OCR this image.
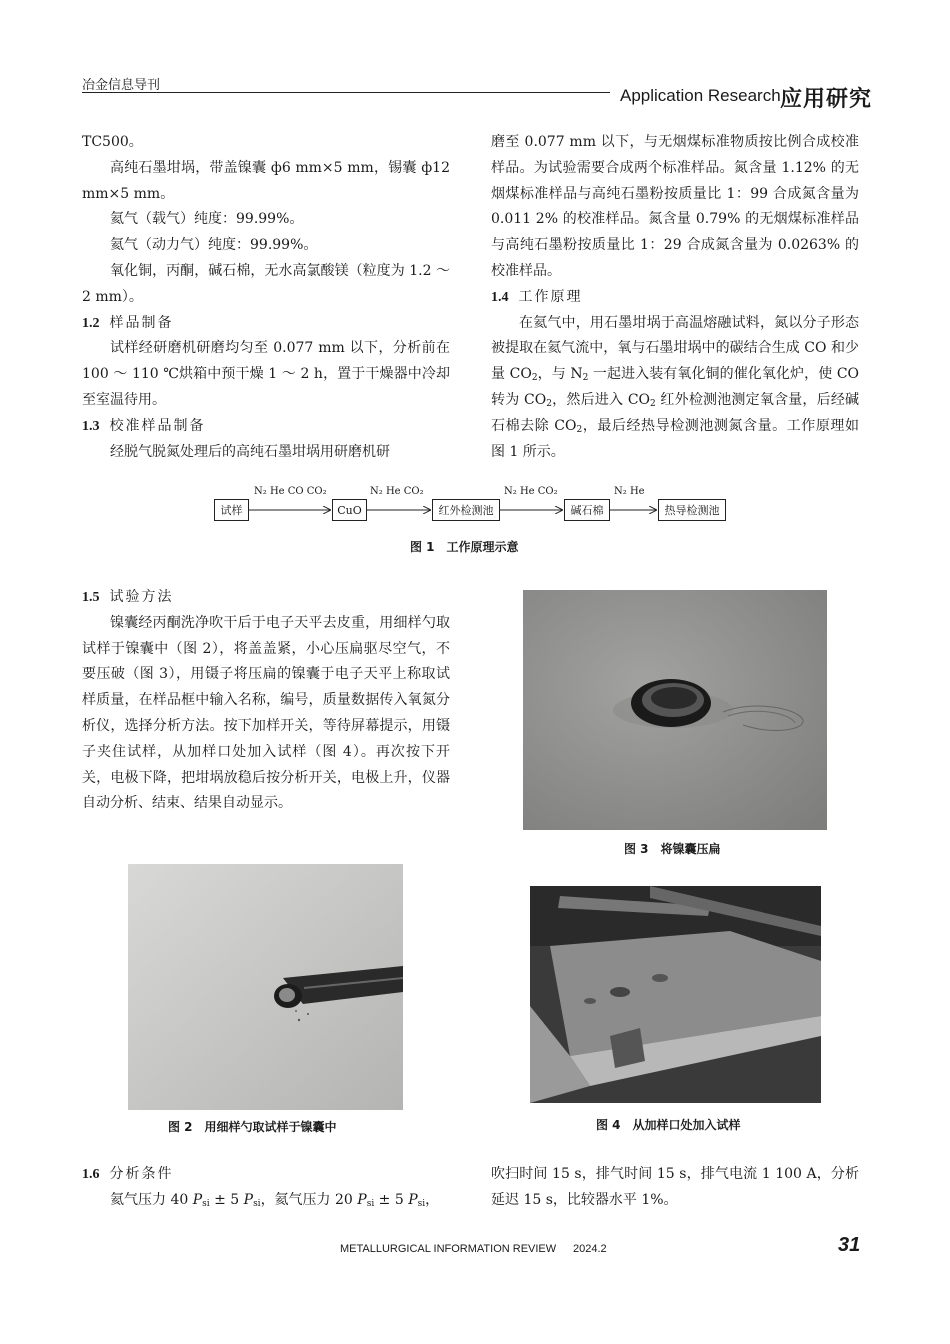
冶金信息导刊
Application Research 应用研究

TC500。

高纯石墨坩埚，带盖镍囊 ф6 mm×5 mm，锡囊 ф12 mm×5 mm。

氦气（载气）纯度：99.99%。

氦气（动力气）纯度：99.99%。

氧化铜，丙酮，碱石棉，无水高氯酸镁（粒度为 1.2 ～ 2 mm）。

1.2 样品制备

试样经研磨机研磨均匀至 0.077 mm 以下，分析前在 100 ～ 110 ℃烘箱中预干燥 1 ～ 2 h，置于干燥器中冷却至室温待用。

1.3 校准样品制备

经脱气脱氮处理后的高纯石墨坩埚用研磨机研

磨至 0.077 mm 以下，与无烟煤标准物质按比例合成校准样品。为试验需要合成两个标准样品。氮含量 1.12% 的无烟煤标准样品与高纯石墨粉按质量比 1：99 合成氮含量为 0.011 2% 的校准样品。氮含量 0.79% 的无烟煤标准样品与高纯石墨粉按质量比 1：29 合成氮含量为 0.0263% 的校准样品。

1.4 工作原理

在氦气中，用石墨坩埚于高温熔融试料，氮以分子形态被提取在氦气流中，氧与石墨坩埚中的碳结合生成 CO 和少量 $CO_2$，与 $N_2$ 一起进入装有氧化铜的催化氧化炉，使 CO 转为 $CO_2$，然后进入 $CO_2$ 红外检测池测定氧含量，后经碱石棉去除 $CO_2$，最后经热导检测池测氮含量。工作原理如图 1 所示。

试样	CuO	红外检测池	碱石棉	热导检测池
N₂ He CO CO₂	N₂ He CO₂	N₂ He CO₂	N₂ He
图 1　工作原理示意
1.5 试验方法

镍囊经丙酮洗净吹干后于电子天平去皮重，用细样勺取试样于镍囊中（图 2），将盖盖紧，小心压扁驱尽空气，不要压破（图 3），用镊子将压扁的镍囊于电子天平上称取试样质量，在样品框中输入名称，编号，质量数据传入氧氮分析仪，选择分析方法。按下加样开关，等待屏幕提示，用镊子夹住试样，从加样口处加入试样（图 4）。再次按下开关，电极下降，把坩埚放稳后按分析开关，电极上升，仪器自动分析、结束、结果自动显示。

图 3　将镍囊压扁
图 2　用细样勺取试样于镍囊中	图 4　从加样口处加入试样
1.6 分析条件

氦气压力 40 $P_{si} \pm 5$ $P_{si}$，氦气压力 20 $P_{si} \pm 5$ $P_{si}$，

吹扫时间 15 s，排气时间 15 s，排气电流 1 100 A，分析延迟 15 s，比较器水平 1%。

METALLURGICAL INFORMATION REVIEW 2024.2	31
